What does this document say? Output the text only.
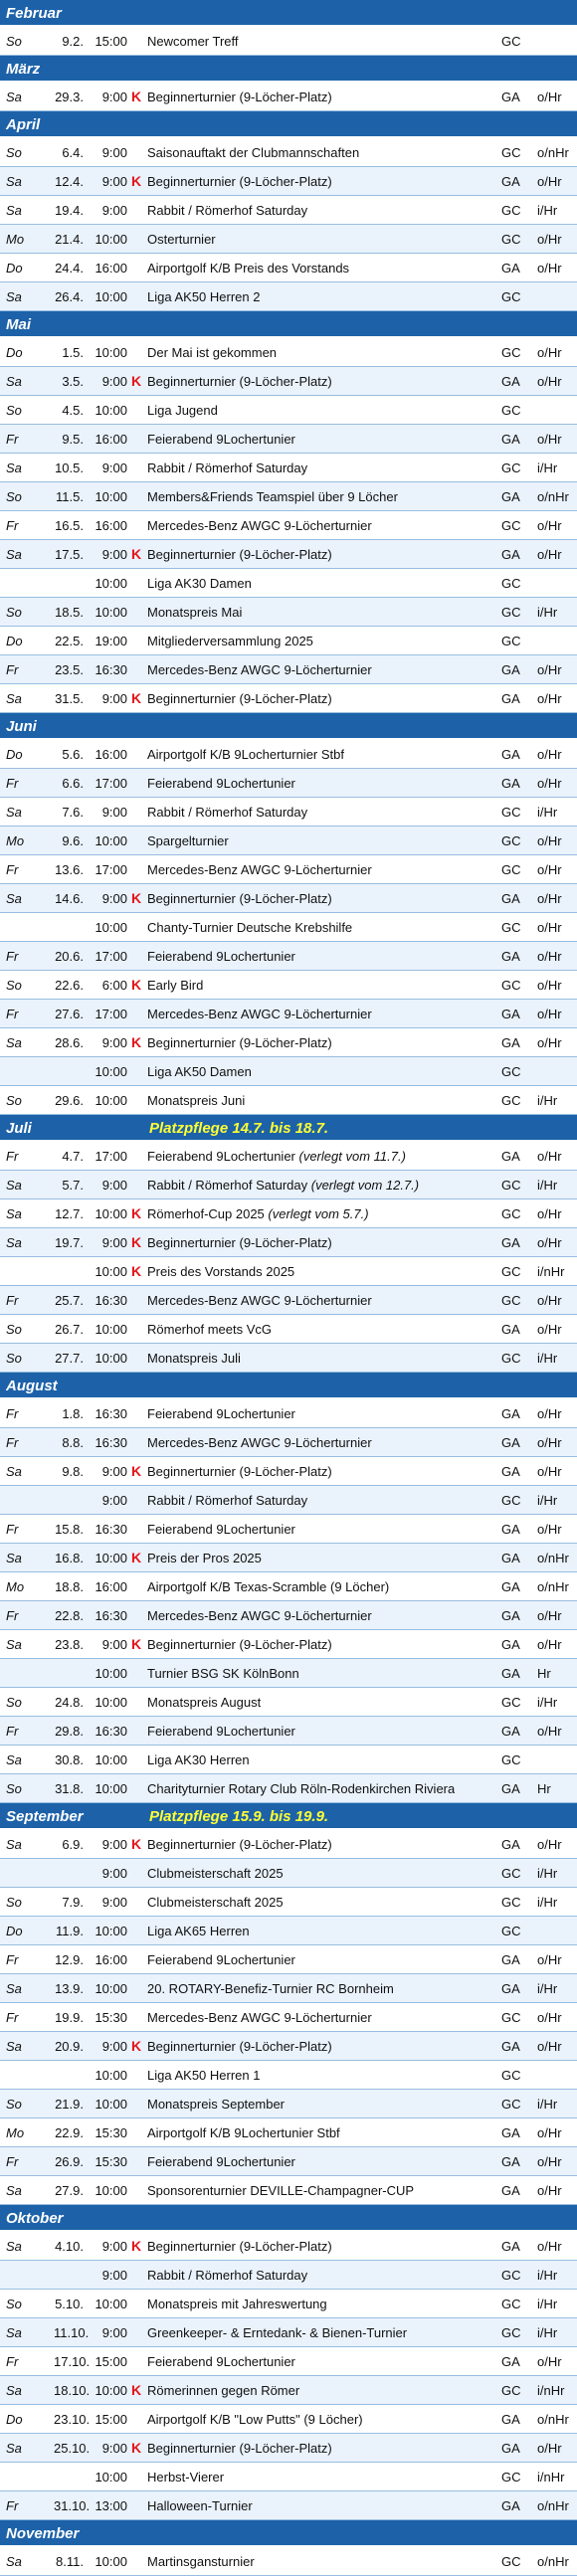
Februar
So	9.2. 15:00 Newcomer Treff	GC
März
Sa	29.3.	9:00 K Beginnerturnier (9-Löcher-Platz)	GA o/Hr
April
So	6.4.	9:00 Saisonauftakt der Clubmannschaften	GC o/nHr
Sa	12.4.	9:00 K Beginnerturnier (9-Löcher-Platz)	GA o/Hr
Sa	19.4.	9:00 Rabbit / Römerhof Saturday	GC i/Hr
Mo 21.4. 10:00 Osterturnier	GC o/Hr
Do 24.4. 16:00 Airportgolf K/B Preis des Vorstands	GA o/Hr
Sa	26.4. 10:00 Liga AK50 Herren 2	GC
Mai
Do	1.5. 10:00 Der Mai ist gekommen	GC o/Hr
Sa	3.5.	9:00 K Beginnerturnier (9-Löcher-Platz)	GA o/Hr
So	4.5. 10:00 Liga Jugend	GC
Fr	9.5. 16:00 Feierabend 9Lochertunier	GA o/Hr
Sa	10.5.	9:00 Rabbit / Römerhof Saturday	GC i/Hr
So	11.5. 10:00 Members&Friends Teamspiel über 9 Löcher	GA o/nHr
Fr	16.5. 16:00 Mercedes-Benz AWGC 9-Löcherturnier	GC o/Hr
Sa	17.5.	9:00 K Beginnerturnier (9-Löcher-Platz)	GA o/Hr
10:00 Liga AK30 Damen	GC
So	18.5. 10:00 Monatspreis Mai	GC i/Hr
Do 22.5. 19:00 Mitgliederversammlung 2025	GC
Fr	23.5. 16:30 Mercedes-Benz AWGC 9-Löcherturnier	GA o/Hr
Sa	31.5.	9:00 K Beginnerturnier (9-Löcher-Platz)	GA o/Hr
Juni
Do	5.6. 16:00 Airportgolf K/B 9Locherturnier Stbf	GA o/Hr
Fr	6.6. 17:00 Feierabend 9Lochertunier	GA o/Hr
Sa	7.6.	9:00 Rabbit / Römerhof Saturday	GC i/Hr
Mo	9.6. 10:00 Spargelturnier	GC o/Hr
Fr	13.6. 17:00 Mercedes-Benz AWGC 9-Löcherturnier	GC o/Hr
Sa	14.6.	9:00 K Beginnerturnier (9-Löcher-Platz)	GA o/Hr
10:00 Chanty-Turnier Deutsche Krebshilfe	GC o/Hr
Fr	20.6. 17:00 Feierabend 9Lochertunier	GA o/Hr
So	22.6.	6:00 K Early Bird	GC o/Hr
Fr	27.6. 17:00 Mercedes-Benz AWGC 9-Löcherturnier	GA o/Hr
Sa	28.6.	9:00 K Beginnerturnier (9-Löcher-Platz)	GA o/Hr
10:00 Liga AK50 Damen	GC
So	29.6. 10:00 Monatspreis Juni	GC i/Hr
Juli	Platzpflege 14.7. bis 18.7.
Fr	4.7. 17:00 Feierabend 9Lochertunier (verlegt vom 11.7.)	GA o/Hr
Sa	5.7.	9:00 Rabbit / Römerhof Saturday (verlegt vom 12.7.)	GC i/Hr
Sa	12.7. 10:00 K Römerhof-Cup 2025 (verlegt vom 5.7.)	GC o/Hr
Sa	19.7.	9:00 K Beginnerturnier (9-Löcher-Platz)	GA o/Hr
10:00 K Preis des Vorstands 2025	GC i/nHr
Fr	25.7. 16:30 Mercedes-Benz AWGC 9-Löcherturnier	GC o/Hr
So	26.7. 10:00 Römerhof meets VcG	GA o/Hr
So	27.7. 10:00 Monatspreis Juli	GC i/Hr
August
Fr	1.8. 16:30 Feierabend 9Lochertunier	GA o/Hr
Fr	8.8. 16:30 Mercedes-Benz AWGC 9-Löcherturnier	GA o/Hr
Sa	9.8.	9:00 K Beginnerturnier (9-Löcher-Platz)	GA o/Hr
9:00 Rabbit / Römerhof Saturday	GC i/Hr
Fr	15.8. 16:30 Feierabend 9Lochertunier	GA o/Hr
Sa	16.8. 10:00 K Preis der Pros 2025	GA o/nHr
Mo 18.8. 16:00 Airportgolf K/B Texas-Scramble (9 Löcher)	GA o/nHr
Fr	22.8. 16:30 Mercedes-Benz AWGC 9-Löcherturnier	GA o/Hr
Sa	23.8.	9:00 K Beginnerturnier (9-Löcher-Platz)	GA o/Hr
10:00 Turnier BSG SK KölnBonn	GA Hr
So	24.8. 10:00 Monatspreis August	GC i/Hr
Fr	29.8. 16:30 Feierabend 9Lochertunier	GA o/Hr
Sa	30.8. 10:00 Liga AK30 Herren	GC
So	31.8. 10:00 Charityturnier Rotary Club Röln-Rodenkirchen Riviera	GA Hr
September	Platzpflege 15.9. bis 19.9.
Sa	6.9.	9:00 K Beginnerturnier (9-Löcher-Platz)	GA o/Hr
9:00 Clubmeisterschaft 2025	GC i/Hr
So	7.9.	9:00 Clubmeisterschaft 2025	GC i/Hr
Do	11.9. 10:00 Liga AK65 Herren	GC
Fr	12.9. 16:00 Feierabend 9Lochertunier	GA o/Hr
Sa	13.9. 10:00 20. ROTARY-Benefiz-Turnier RC Bornheim	GA i/Hr
Fr	19.9. 15:30 Mercedes-Benz AWGC 9-Löcherturnier	GC o/Hr
Sa	20.9.	9:00 K Beginnerturnier (9-Löcher-Platz)	GA o/Hr
10:00 Liga AK50 Herren 1	GC
So	21.9. 10:00 Monatspreis September	GC i/Hr
Mo 22.9. 15:30 Airportgolf K/B 9Lochertunier Stbf	GA o/Hr
Fr	26.9. 15:30 Feierabend 9Lochertunier	GA o/Hr
Sa	27.9. 10:00 Sponsorenturnier DEVILLE-Champagner-CUP	GA o/Hr
Oktober
Sa	4.10.	9:00 K Beginnerturnier (9-Löcher-Platz)	GA o/Hr
9:00 Rabbit / Römerhof Saturday	GC i/Hr
So	5.10. 10:00 Monatspreis mit Jahreswertung	GC i/Hr
Sa 11.10.	9:00 Greenkeeper- & Erntedank- & Bienen-Turnier	GC i/Hr
Fr	17.10. 15:00 Feierabend 9Lochertunier	GA o/Hr
Sa 18.10. 10:00 K Römerinnen gegen Römer	GC i/nHr
Do 23.10. 15:00 Airportgolf K/B "Low Putts" (9 Löcher)	GA o/nHr
Sa 25.10. 9:00 K Beginnerturnier (9-Löcher-Platz)	GA o/Hr
10:00 Herbst-Vierer	GC i/nHr
Fr	31.10. 13:00 Halloween-Turnier	GA o/nHr
November
Sa	8.11. 10:00 Martinsgansturnier	GC o/nHr
